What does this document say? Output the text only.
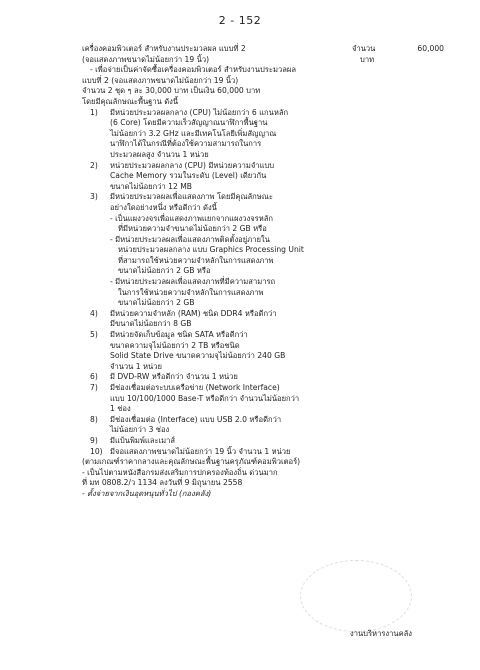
2 - 152
เครื่องคอมพิวเตอร์ สำหรับงานประมวลผล แบบที่ 2
(จอแสดงภาพขนาดไม่น้อยกว่า 19 นิ้ว)
จำนวน	60,000บาท
- เพื่อจ่ายเป็นค่าจัดซื้อเครื่องคอมพิวเตอร์ สำหรับงานประมวลผล
แบบที่ 2 (จอแสดงภาพขนาดไม่น้อยกว่า 19 นิ้ว)
จำนวน 2 ชุด ๆ ละ 30,000 บาท เป็นเงิน 60,000 บาท
โดยมีคุณลักษณะพื้นฐาน ดังนี้
1)	มีหน่วยประมวลผลกลาง (CPU) ไม่น้อยกว่า 6 แกนหลัก
(6 Core) โดยมีความเร็วสัญญาณนาฬิกาพื้นฐาน
ไม่น้อยกว่า 3.2 GHz และมีเทคโนโลยีเพิ่มสัญญาณ
นาฬิกาได้ในกรณีที่ต้องใช้ความสามารถในการ
ประมวลผลสูง จำนวน 1 หน่วย
2)	หน่วยประมวลผลกลาง (CPU) มีหน่วยความจำแบบ
Cache Memory รวมในระดับ (Level) เดียวกัน
ขนาดไม่น้อยกว่า 12 MB
3)	มีหน่วยประมวลผลเพื่อแสดงภาพ โดยมีคุณลักษณะ
อย่างใดอย่างหนึ่ง หรือดีกว่า ดังนี้
- เป็นแผงวงจรเพื่อแสดงภาพแยกจากแผงวงจรหลัก
ที่มีหน่วยความจำขนาดไม่น้อยกว่า 2 GB หรือ
- มีหน่วยประมวลผลเพื่อแสดงภาพติดตั้งอยู่ภายใน
หน่วยประมวลผลกลาง แบบ Graphics Processing Unit
ที่สามารถใช้หน่วยความจำหลักในการแสดงภาพ
ขนาดไม่น้อยกว่า 2 GB หรือ
- มีหน่วยประมวลผลเพื่อแสดงภาพที่มีความสามารถ
ในการใช้หน่วยความจำหลักในการแสดงภาพ
ขนาดไม่น้อยกว่า 2 GB
4)	มีหน่วยความจำหลัก (RAM) ชนิด DDR4 หรือดีกว่า
มีขนาดไม่น้อยกว่า 8 GB
5)	มีหน่วยจัดเก็บข้อมูล ชนิด SATA หรือดีกว่า
ขนาดความจุไม่น้อยกว่า 2 TB หรือชนิด
Solid State Drive ขนาดความจุไม่น้อยกว่า 240 GB
จำนวน 1 หน่วย
6)	มี DVD-RW หรือดีกว่า จำนวน 1 หน่วย
7)	มีช่องเชื่อมต่อระบบเครือข่าย (Network Interface)
แบบ 10/100/1000 Base-T หรือดีกว่า จำนวนไม่น้อยกว่า
1 ช่อง
8)	มีช่องเชื่อมต่อ (Interface) แบบ USB 2.0 หรือดีกว่า
ไม่น้อยกว่า 3 ช่อง
9)	มีแป้นพิมพ์และเมาส์
10) มีจอแสดงภาพขนาดไม่น้อยกว่า 19 นิ้ว จำนวน 1 หน่วย
(ตามเกณฑ์ราคากลางและคุณลักษณะพื้นฐานครุภัณฑ์คอมพิวเตอร์)
- เป็นไปตามหนังสือกรมส่งเสริมการปกครองท้องถิ่น ด่วนมาก
ที่ มท 0808.2/ว 1134 ลงวันที่ 9 มิถุนายน 2558
- ตั้งจ่ายจากเงินอุดหนุนทั่วไป (กองคลัง)
งานบริหารงานคลัง
